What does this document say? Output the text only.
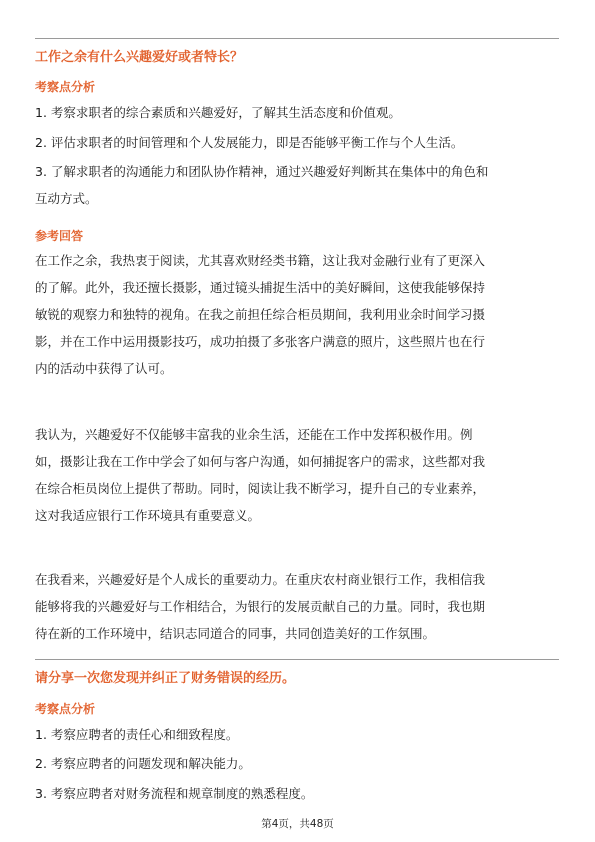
工作之余有什么兴趣爱好或者特长？
考察点分析
1. 考察求职者的综合素质和兴趣爱好，了解其生活态度和价值观。
2. 评估求职者的时间管理和个人发展能力，即是否能够平衡工作与个人生活。
3. 了解求职者的沟通能力和团队协作精神，通过兴趣爱好判断其在集体中的角色和
互动方式。
参考回答
在工作之余，我热衷于阅读，尤其喜欢财经类书籍，这让我对金融行业有了更深入
的了解。此外，我还擅长摄影，通过镜头捕捉生活中的美好瞬间，这使我能够保持
敏锐的观察力和独特的视角。在我之前担任综合柜员期间，我利用业余时间学习摄
影，并在工作中运用摄影技巧，成功拍摄了多张客户满意的照片，这些照片也在行
内的活动中获得了认可。
我认为，兴趣爱好不仅能够丰富我的业余生活，还能在工作中发挥积极作用。例
如，摄影让我在工作中学会了如何与客户沟通，如何捕捉客户的需求，这些都对我
在综合柜员岗位上提供了帮助。同时，阅读让我不断学习，提升自己的专业素养，
这对我适应银行工作环境具有重要意义。
在我看来，兴趣爱好是个人成长的重要动力。在重庆农村商业银行工作，我相信我
能够将我的兴趣爱好与工作相结合，为银行的发展贡献自己的力量。同时，我也期
待在新的工作环境中，结识志同道合的同事，共同创造美好的工作氛围。
请分享一次您发现并纠正了财务错误的经历。
考察点分析
1. 考察应聘者的责任心和细致程度。
2. 考察应聘者的问题发现和解决能力。
3. 考察应聘者对财务流程和规章制度的熟悉程度。
第4页，共48页
